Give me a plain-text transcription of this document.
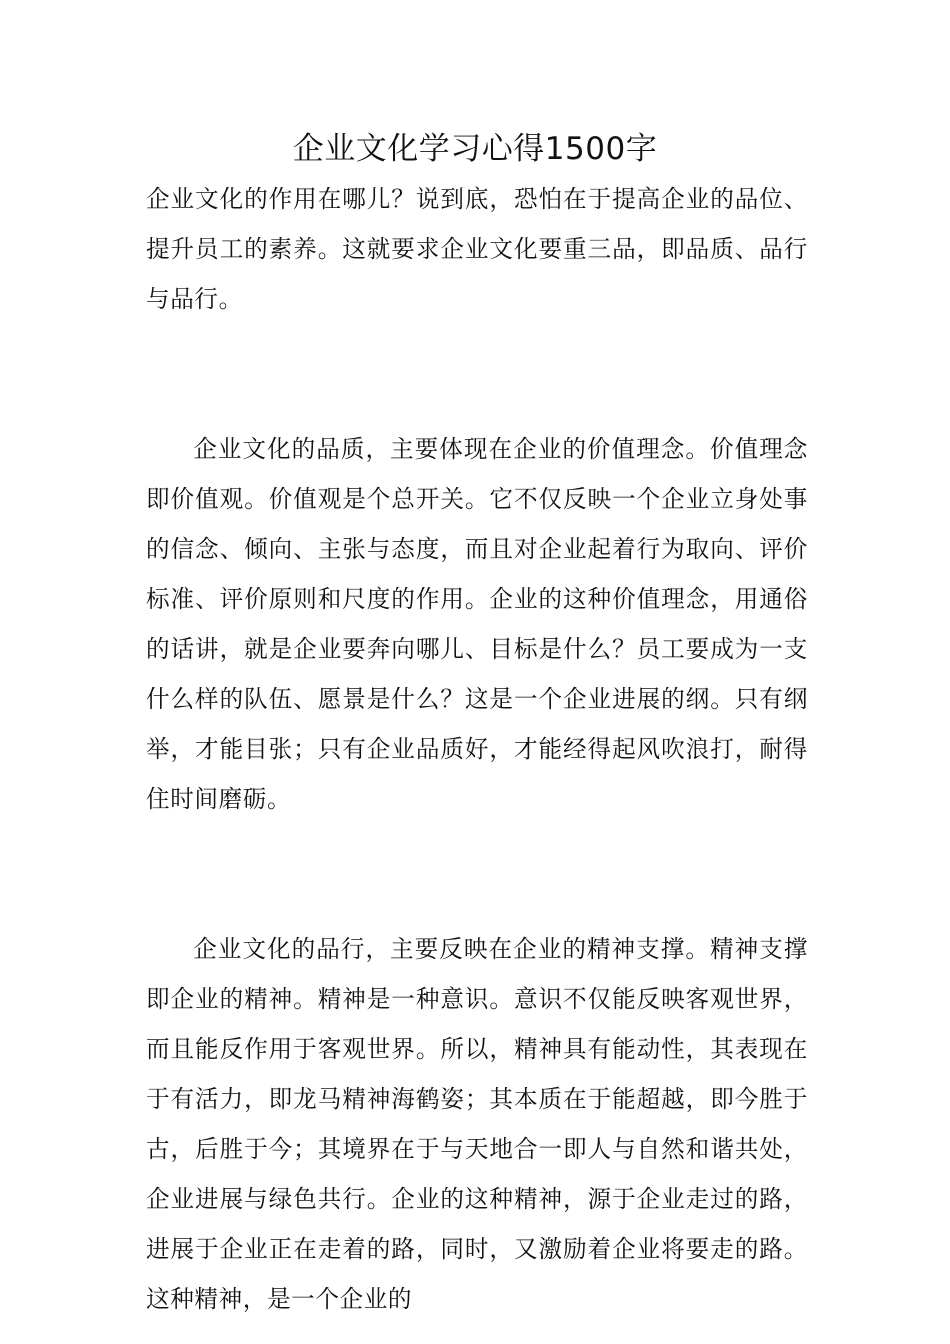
企业文化学习心得1500字

企业文化的作用在哪儿？说到底，恐怕在于提高企业的品位、提升员工的素养。这就要求企业文化要重三品，即品质、品行与品行。

企业文化的品质，主要体现在企业的价值理念。价值理念即价值观。价值观是个总开关。它不仅反映一个企业立身处事的信念、倾向、主张与态度，而且对企业起着行为取向、评价标准、评价原则和尺度的作用。企业的这种价值理念，用通俗的话讲，就是企业要奔向哪儿、目标是什么？员工要成为一支什么样的队伍、愿景是什么？这是一个企业进展的纲。只有纲举，才能目张；只有企业品质好，才能经得起风吹浪打，耐得住时间磨砺。

企业文化的品行，主要反映在企业的精神支撑。精神支撑即企业的精神。精神是一种意识。意识不仅能反映客观世界，而且能反作用于客观世界。所以，精神具有能动性，其表现在于有活力，即龙马精神海鹤姿；其本质在于能超越，即今胜于古，后胜于今；其境界在于与天地合一即人与自然和谐共处，企业进展与绿色共行。企业的这种精神，源于企业走过的路，进展于企业正在走着的路，同时，又激励着企业将要走的路。这种精神，是一个企业的
